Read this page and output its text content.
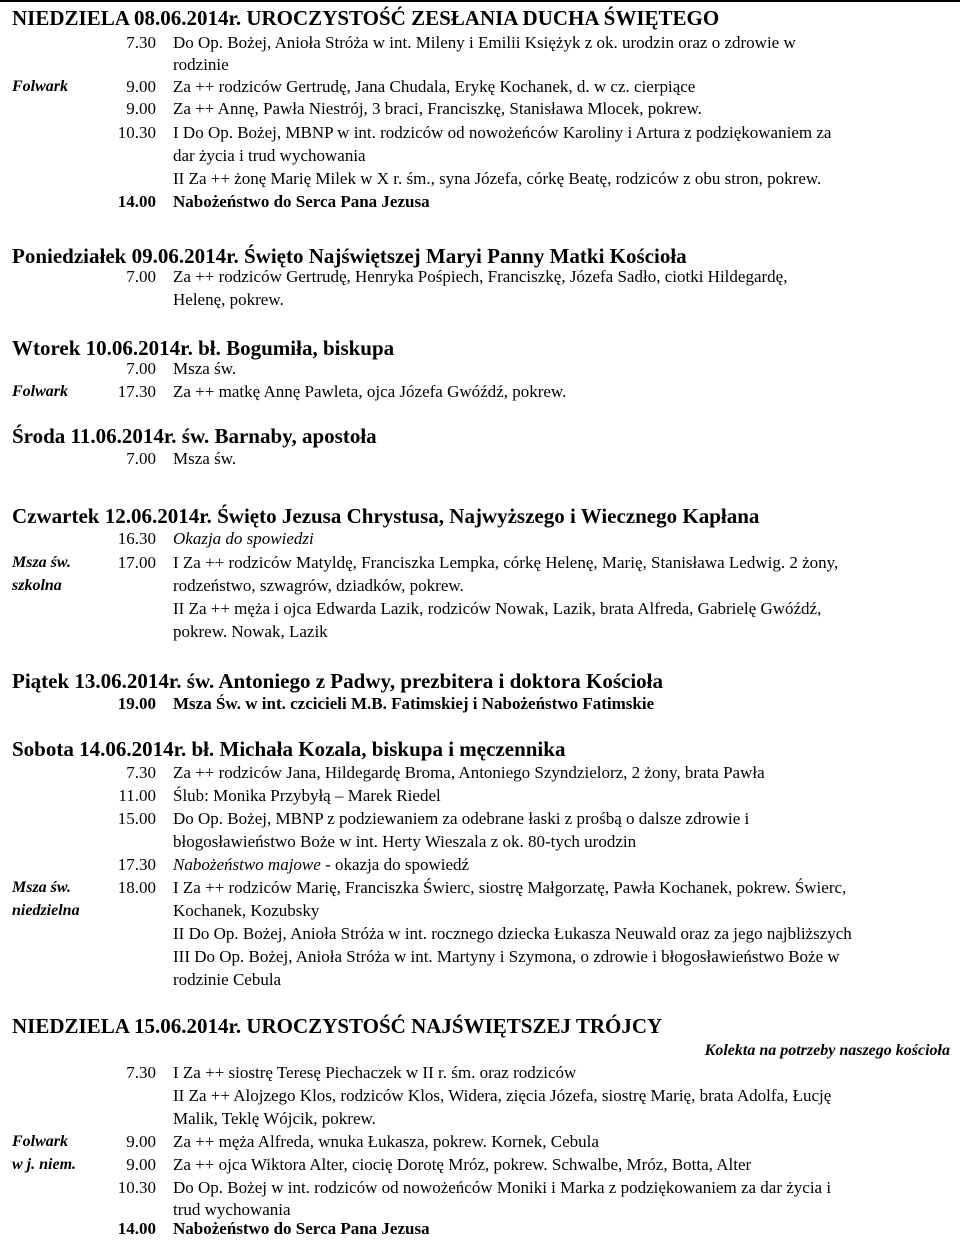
NIEDZIELA 08.06.2014r. UROCZYSTOŚĆ ZESŁANIA DUCHA ŚWIĘTEGO
7.30 Do Op. Bożej, Anioła Stróża w int. Mileny i Emilii Księżyk z ok. urodzin oraz o zdrowie w
rodzinie
Folwark	9.00 Za ++ rodziców Gertrudę, Jana Chudala, Erykę Kochanek, d. w cz. cierpiące
9.00 Za ++ Annę, Pawła Niestrój, 3 braci, Franciszkę, Stanisława Mlocek, pokrew.
10.30 I Do Op. Bożej, MBNP w int. rodziców od nowożeńców Karoliny i Artura z podziękowaniem za
dar życia i trud wychowania
II Za ++ żonę Marię Milek w X r. śm., syna Józefa, córkę Beatę, rodziców z obu stron, pokrew.
14.00 Nabożeństwo do Serca Pana Jezusa
Poniedziałek 09.06.2014r. Święto Najświętszej Maryi Panny Matki Kościoła
7.00 Za ++ rodziców Gertrudę, Henryka Pośpiech, Franciszkę, Józefa Sadło, ciotki Hildegardę,
Helenę, pokrew.
Wtorek 10.06.2014r. bł. Bogumiła, biskupa
7.00 Msza św.
Folwark	17.30 Za ++ matkę Annę Pawleta, ojca Józefa Gwóźdź, pokrew.
Środa 11.06.2014r. św. Barnaby, apostoła
7.00 Msza św.
Czwartek 12.06.2014r. Święto Jezusa Chrystusa, Najwyższego i Wiecznego Kapłana
16.30 Okazja do spowiedzi
Msza św.	17.00 I Za ++ rodziców Matyldę, Franciszka Lempka, córkę Helenę, Marię, Stanisława Ledwig. 2 żony,
szkolna	rodzeństwo, szwagrów, dziadków, pokrew.
II Za ++ męża i ojca Edwarda Lazik, rodziców Nowak, Lazik, brata Alfreda, Gabrielę Gwóźdź,
pokrew. Nowak, Lazik
Piątek 13.06.2014r. św. Antoniego z Padwy, prezbitera i doktora Kościoła
19.00 Msza Św. w int. czcicieli M.B. Fatimskiej i Nabożeństwo Fatimskie
Sobota 14.06.2014r. bł. Michała Kozala, biskupa i męczennika
7.30 Za ++ rodziców Jana, Hildegardę Broma, Antoniego Szyndzielorz, 2 żony, brata Pawła
11.00 Ślub: Monika Przybyłą – Marek Riedel
15.00 Do Op. Bożej, MBNP z podziewaniem za odebrane łaski z prośbą o dalsze zdrowie i
błogosławieństwo Boże w int. Herty Wieszala z ok. 80-tych urodzin
17.30 Nabożeństwo majowe - okazja do spowiedź
Msza św.	18.00 I Za ++ rodziców Marię, Franciszka Świerc, siostrę Małgorzatę, Pawła Kochanek, pokrew. Świerc,
niedzielna	Kochanek, Kozubsky
II Do Op. Bożej, Anioła Stróża w int. rocznego dziecka Łukasza Neuwald oraz za jego najbliższych
III Do Op. Bożej, Anioła Stróża w int. Martyny i Szymona, o zdrowie i błogosławieństwo Boże w
rodzinie Cebula
NIEDZIELA 15.06.2014r. UROCZYSTOŚĆ NAJŚWIĘTSZEJ TRÓJCY
Kolekta na potrzeby naszego kościoła
7.30 I Za ++ siostrę Teresę Piechaczek w II r. śm. oraz rodziców
II Za ++ Alojzego Klos, rodziców Klos, Widera, zięcia Józefa, siostrę Marię, brata Adolfa, Łucję
Malik, Teklę Wójcik, pokrew.
Folwark	9.00 Za ++ męża Alfreda, wnuka Łukasza, pokrew. Kornek, Cebula
w j. niem.	9.00 Za ++ ojca Wiktora Alter, ciocię Dorotę Mróz, pokrew. Schwalbe, Mróz, Botta, Alter
10.30 Do Op. Bożej w int. rodziców od nowożeńców Moniki i Marka z podziękowaniem za dar życia i
trud wychowania
14.00 Nabożeństwo do Serca Pana Jezusa
